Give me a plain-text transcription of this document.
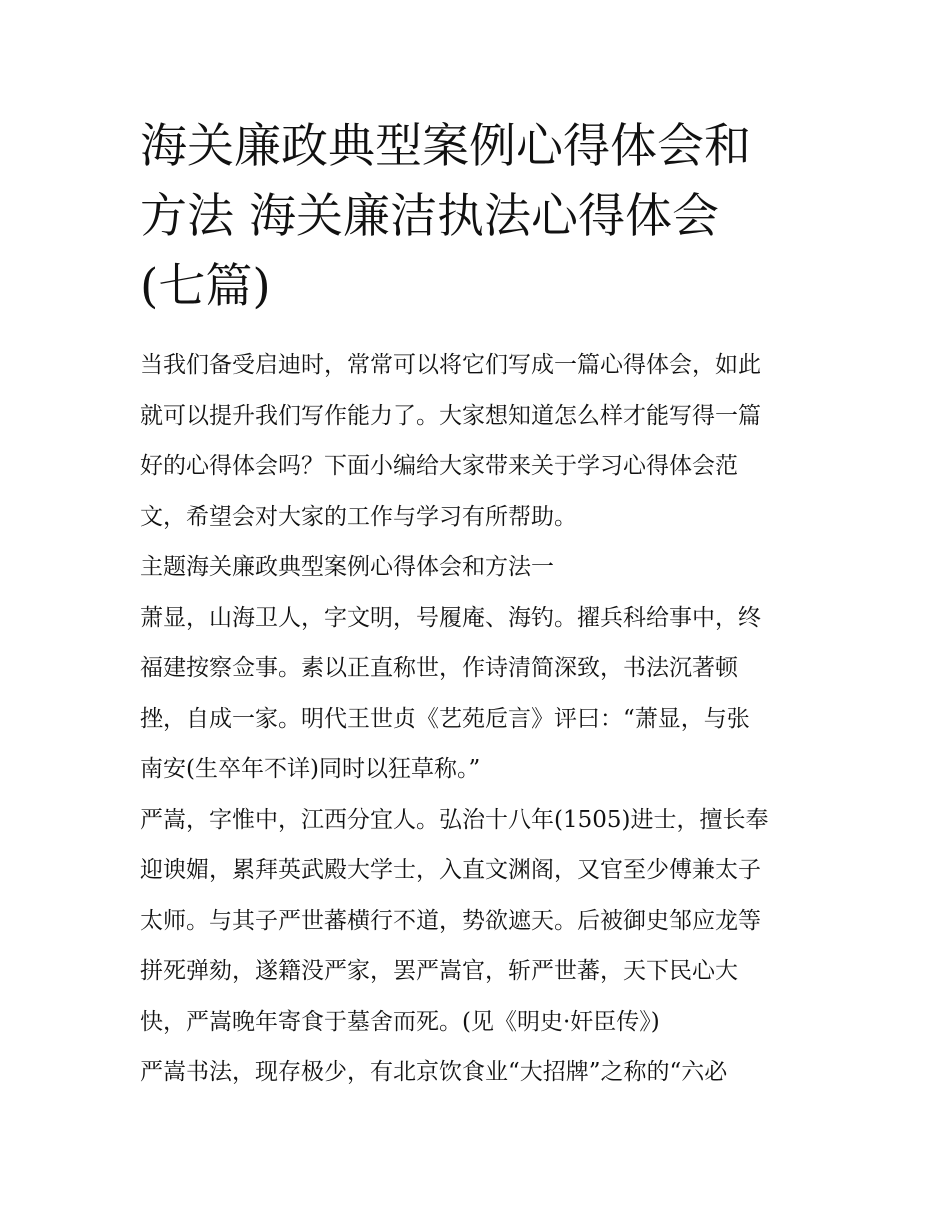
海关廉政典型案例心得体会和
方法 海关廉洁执法心得体会
(七篇)

当我们备受启迪时，常常可以将它们写成一篇心得体会，如此
就可以提升我们写作能力了。大家想知道怎么样才能写得一篇
好的心得体会吗？下面小编给大家带来关于学习心得体会范
文，希望会对大家的工作与学习有所帮助。

主题海关廉政典型案例心得体会和方法一

萧显，山海卫人，字文明，号履庵、海钓。擢兵科给事中，终
福建按察佥事。素以正直称世，作诗清简深致，书法沉著顿
挫，自成一家。明代王世贞《艺苑卮言》评曰：“萧显，与张
南安(生卒年不详)同时以狂草称。”

严嵩，字惟中，江西分宜人。弘治十八年(1505)进士，擅长奉
迎谀媚，累拜英武殿大学士，入直文渊阁，又官至少傅兼太子
太师。与其子严世蕃横行不道，势欲遮天。后被御史邹应龙等
拼死弹劾，遂籍没严家，罢严嵩官，斩严世蕃，天下民心大
快，严嵩晚年寄食于墓舍而死。(见《明史·奸臣传》)

严嵩书法，现存极少，有北京饮食业“大招牌”之称的“六必
